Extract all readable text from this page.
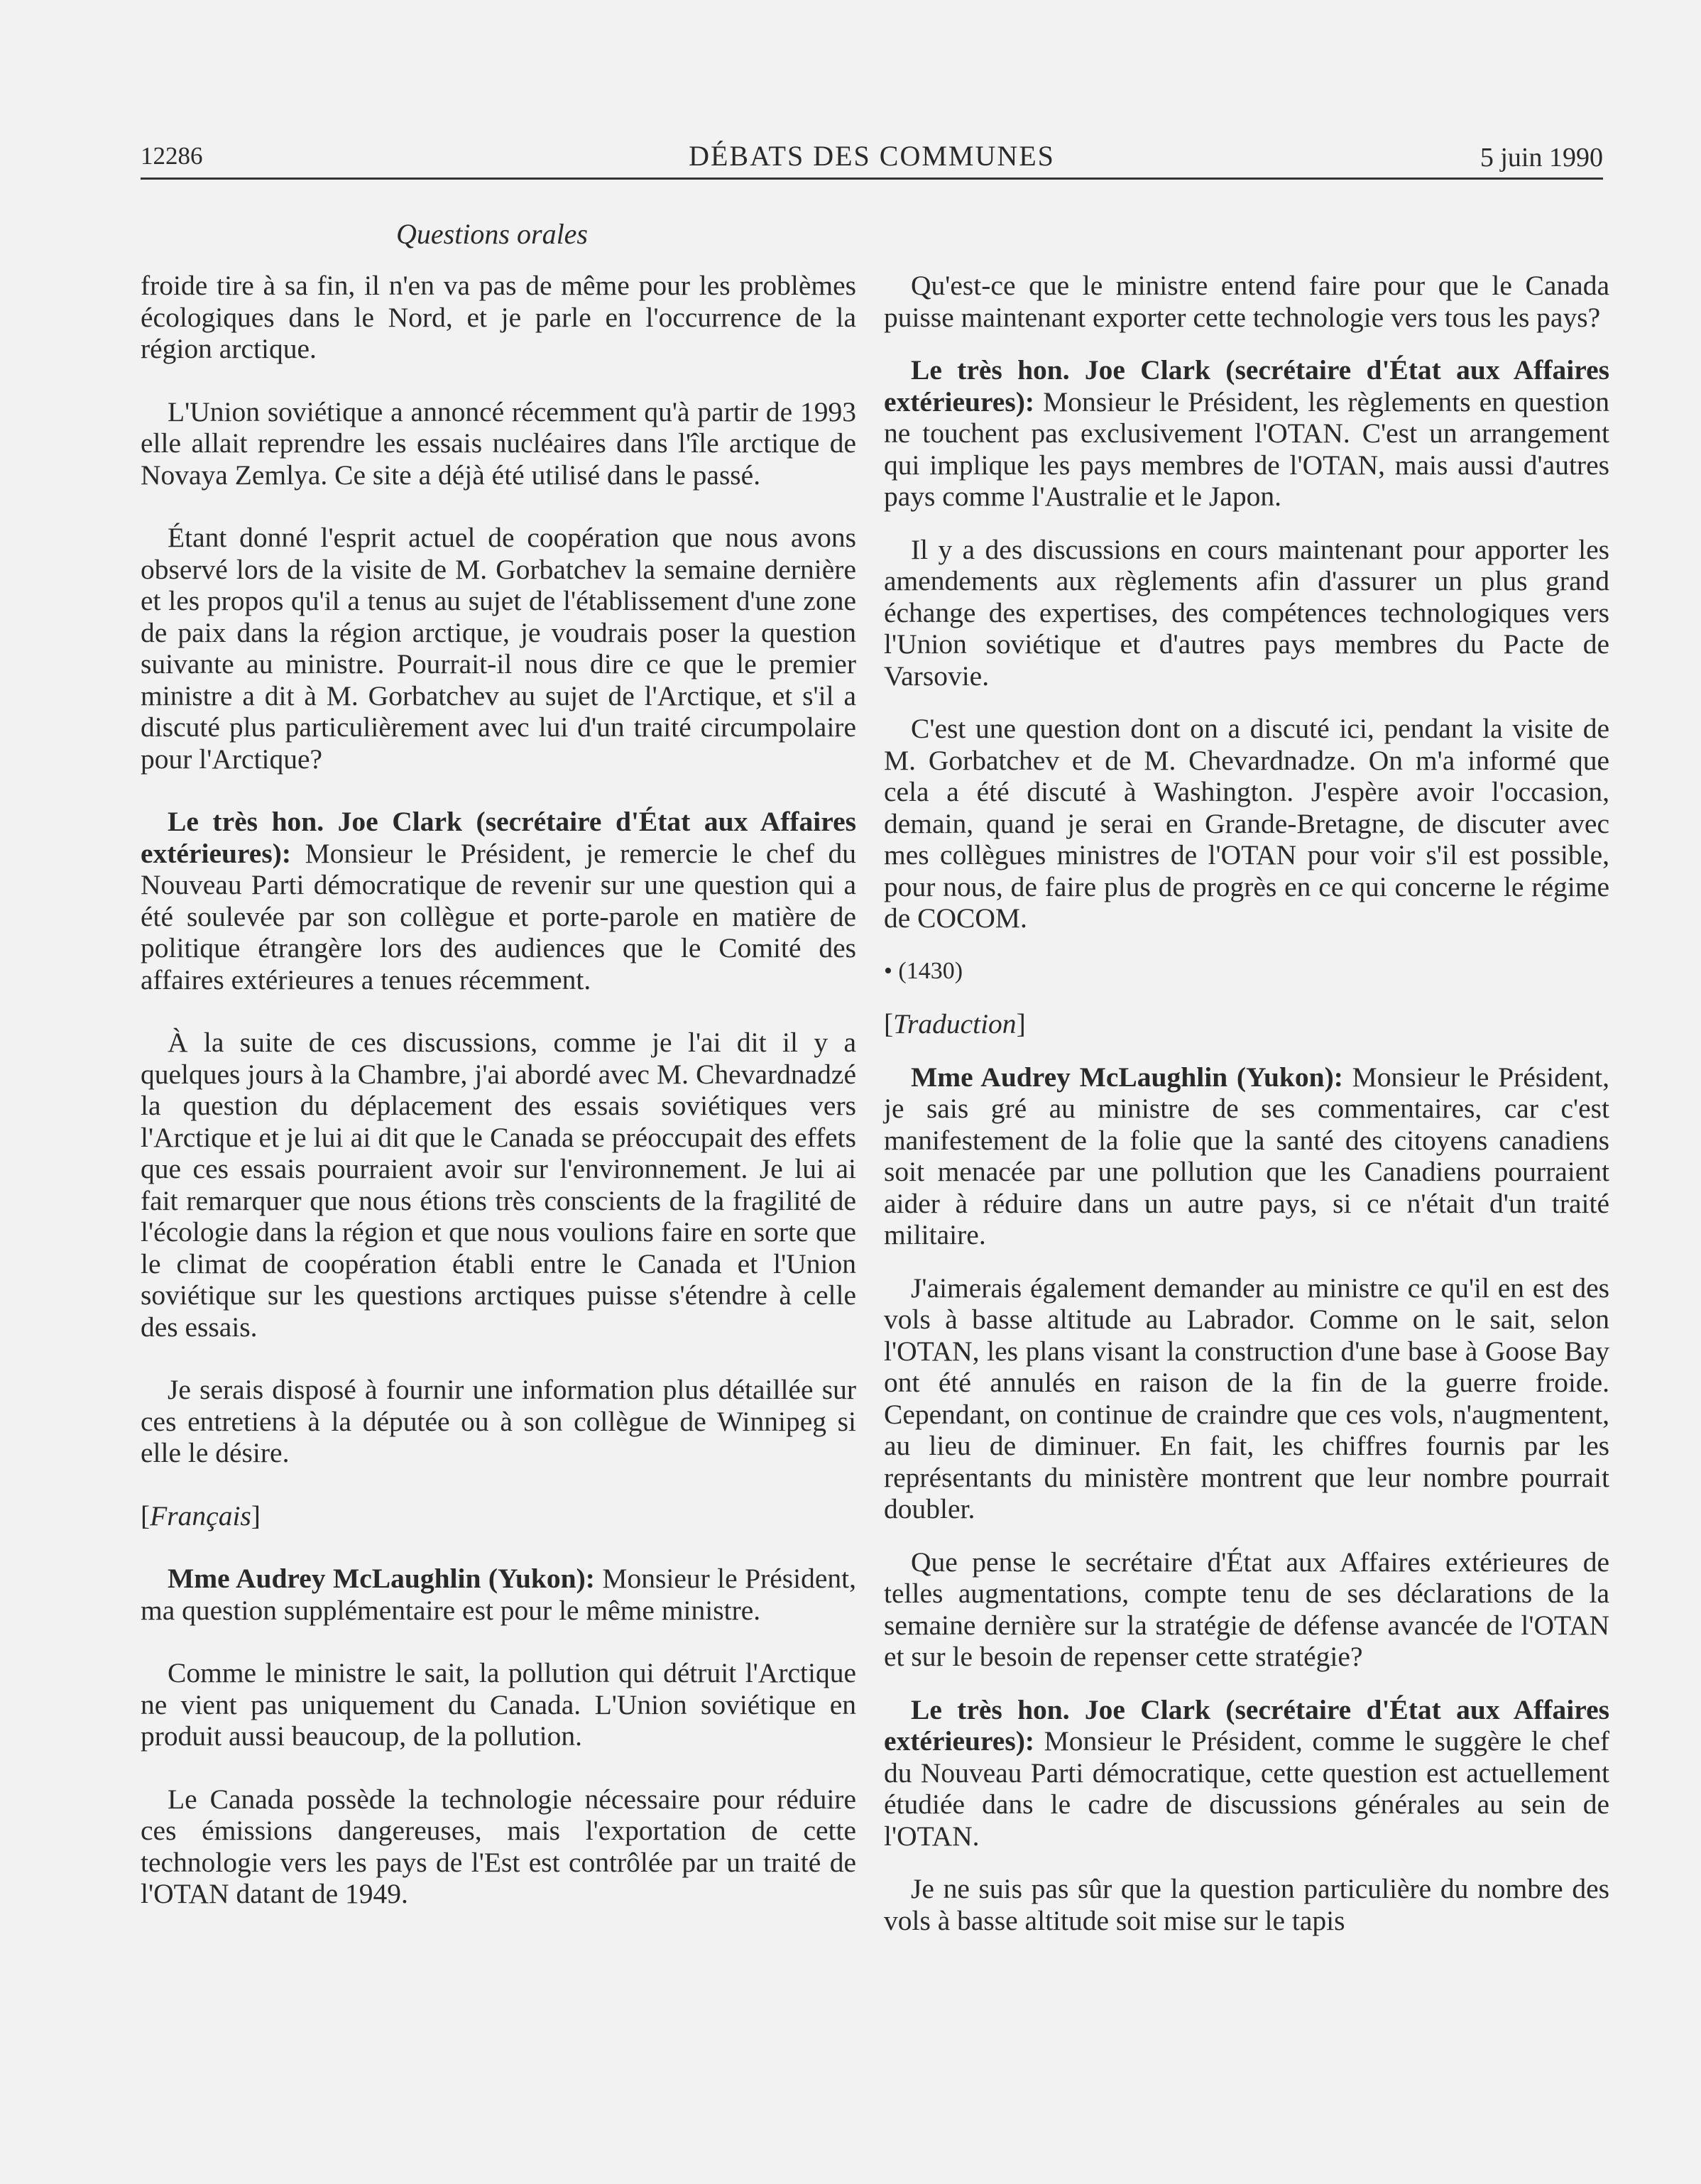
12286	DÉBATS DES COMMUNES	5 juin 1990
Questions orales

froide tire à sa fin, il n'en va pas de même pour les problèmes écologiques dans le Nord, et je parle en l'occurrence de la région arctique.

L'Union soviétique a annoncé récemment qu'à partir de 1993 elle allait reprendre les essais nucléaires dans l'île arctique de Novaya Zemlya. Ce site a déjà été utilisé dans le passé.

Étant donné l'esprit actuel de coopération que nous avons observé lors de la visite de M. Gorbatchev la semaine dernière et les propos qu'il a tenus au sujet de l'établissement d'une zone de paix dans la région arctique, je voudrais poser la question suivante au ministre. Pourrait-il nous dire ce que le premier ministre a dit à M. Gorbatchev au sujet de l'Arctique, et s'il a discuté plus particulièrement avec lui d'un traité circumpolaire pour l'Arctique?

Le très hon. Joe Clark (secrétaire d'État aux Affaires extérieures): Monsieur le Président, je remercie le chef du Nouveau Parti démocratique de revenir sur une question qui a été soulevée par son collègue et porte-parole en matière de politique étrangère lors des audiences que le Comité des affaires extérieures a tenues récemment.

À la suite de ces discussions, comme je l'ai dit il y a quelques jours à la Chambre, j'ai abordé avec M. Chevardnadzé la question du déplacement des essais soviétiques vers l'Arctique et je lui ai dit que le Canada se préoccupait des effets que ces essais pourraient avoir sur l'environnement. Je lui ai fait remarquer que nous étions très conscients de la fragilité de l'écologie dans la région et que nous voulions faire en sorte que le climat de coopération établi entre le Canada et l'Union soviétique sur les questions arctiques puisse s'étendre à celle des essais.

Je serais disposé à fournir une information plus détaillée sur ces entretiens à la députée ou à son collègue de Winnipeg si elle le désire.

[Français]

Mme Audrey McLaughlin (Yukon): Monsieur le Président, ma question supplémentaire est pour le même ministre.

Comme le ministre le sait, la pollution qui détruit l'Arctique ne vient pas uniquement du Canada. L'Union soviétique en produit aussi beaucoup, de la pollution.

Le Canada possède la technologie nécessaire pour réduire ces émissions dangereuses, mais l'exportation de cette technologie vers les pays de l'Est est contrôlée par un traité de l'OTAN datant de 1949.

Qu'est-ce que le ministre entend faire pour que le Canada puisse maintenant exporter cette technologie vers tous les pays?

Le très hon. Joe Clark (secrétaire d'État aux Affaires extérieures): Monsieur le Président, les règlements en question ne touchent pas exclusivement l'OTAN. C'est un arrangement qui implique les pays membres de l'OTAN, mais aussi d'autres pays comme l'Australie et le Japon.

Il y a des discussions en cours maintenant pour apporter les amendements aux règlements afin d'assurer un plus grand échange des expertises, des compétences technologiques vers l'Union soviétique et d'autres pays membres du Pacte de Varsovie.

C'est une question dont on a discuté ici, pendant la visite de M. Gorbatchev et de M. Chevardnadze. On m'a informé que cela a été discuté à Washington. J'espère avoir l'occasion, demain, quand je serai en Grande-Bretagne, de discuter avec mes collègues ministres de l'OTAN pour voir s'il est possible, pour nous, de faire plus de progrès en ce qui concerne le régime de COCOM.

• (1430)

[Traduction]

Mme Audrey McLaughlin (Yukon): Monsieur le Président, je sais gré au ministre de ses commentaires, car c'est manifestement de la folie que la santé des citoyens canadiens soit menacée par une pollution que les Canadiens pourraient aider à réduire dans un autre pays, si ce n'était d'un traité militaire.

J'aimerais également demander au ministre ce qu'il en est des vols à basse altitude au Labrador. Comme on le sait, selon l'OTAN, les plans visant la construction d'une base à Goose Bay ont été annulés en raison de la fin de la guerre froide. Cependant, on continue de craindre que ces vols, n'augmentent, au lieu de diminuer. En fait, les chiffres fournis par les représentants du ministère montrent que leur nombre pourrait doubler.

Que pense le secrétaire d'État aux Affaires extérieures de telles augmentations, compte tenu de ses déclarations de la semaine dernière sur la stratégie de défense avancée de l'OTAN et sur le besoin de repenser cette stratégie?

Le très hon. Joe Clark (secrétaire d'État aux Affaires extérieures): Monsieur le Président, comme le suggère le chef du Nouveau Parti démocratique, cette question est actuellement étudiée dans le cadre de discussions générales au sein de l'OTAN.

Je ne suis pas sûr que la question particulière du nombre des vols à basse altitude soit mise sur le tapis
